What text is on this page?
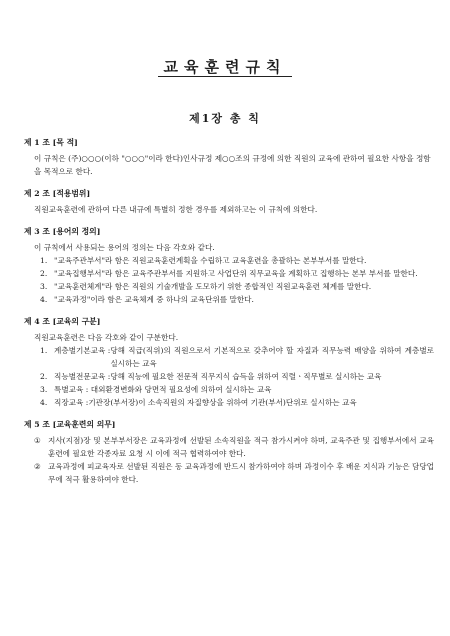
교육훈련규칙
제1장 총 칙
제 1 조 [목 적]
이 규칙은 (주)○○○(이하 "○○○"이라 한다)인사규정 제○○조의 규정에 의한 직원의 교육에 관하여 필요한 사항을 정함을 목적으로 한다.
제 2 조 [적용범위]
직원교육훈련에 관하여 다른 내규에 특별히 정한 경우를 제외하고는 이 규칙에 의한다.
제 3 조 [용어의 정의]
이 규칙에서 사용되는 용어의 정의는 다음 각호와 같다.
1. "교육주관부서"라 함은 직원교육훈련계획을 수립하고 교육훈련을 총괄하는 본부부서를 말한다.
2. "교육집행부서"라 함은 교육주관부서를 지원하고 사업단위 직무교육을 계획하고 집행하는 본부 부서를 말한다.
3. "교육훈련체계"라 함은 직원의 기술개발을 도모하기 위한 종합적인 직원교육훈련 체계를 말한다.
4. "교육과정"이라 함은 교육체계 중 하나의 교육단위를 말한다.
제 4 조 [교육의 구분]
직원교육훈련은 다음 각호와 같이 구분한다.
1. 계층별기본교육 : 당해 직급(직위)의 직원으로서 기본적으로 갖추어야 할 자질과 직무능력 배양을 위하여 계층별로 실시하는 교육
2. 직능별전문교육 : 당해 직능에 필요한 전문적 직무지식 습득을 위하여 직렬ㆍ직무별로 실시하는 교육
3. 특별교육 : 대외환경변화와 당면적 필요성에 의하여 실시하는 교육
4. 직장교육 : 기관장(부서장)이 소속직원의 자질향상을 위하여 기관(부서)단위로 실시하는 교육
제 5 조 [교육훈련의 의무]
① 지사(지점)장 및 본부부서장은 교육과정에 선발된 소속직원을 적극 참가시켜야 하며, 교육주관 및 집행부서에서 교육훈련에 필요한 각종자료 요청 시 이에 적극 협력하여야 한다.
② 교육과정에 피교육자로 선발된 직원은 동 교육과정에 반드시 참가하여야 하며 과정이수 후 배운 지식과 기능은 담당업무에 적극 활용하여야 한다.
